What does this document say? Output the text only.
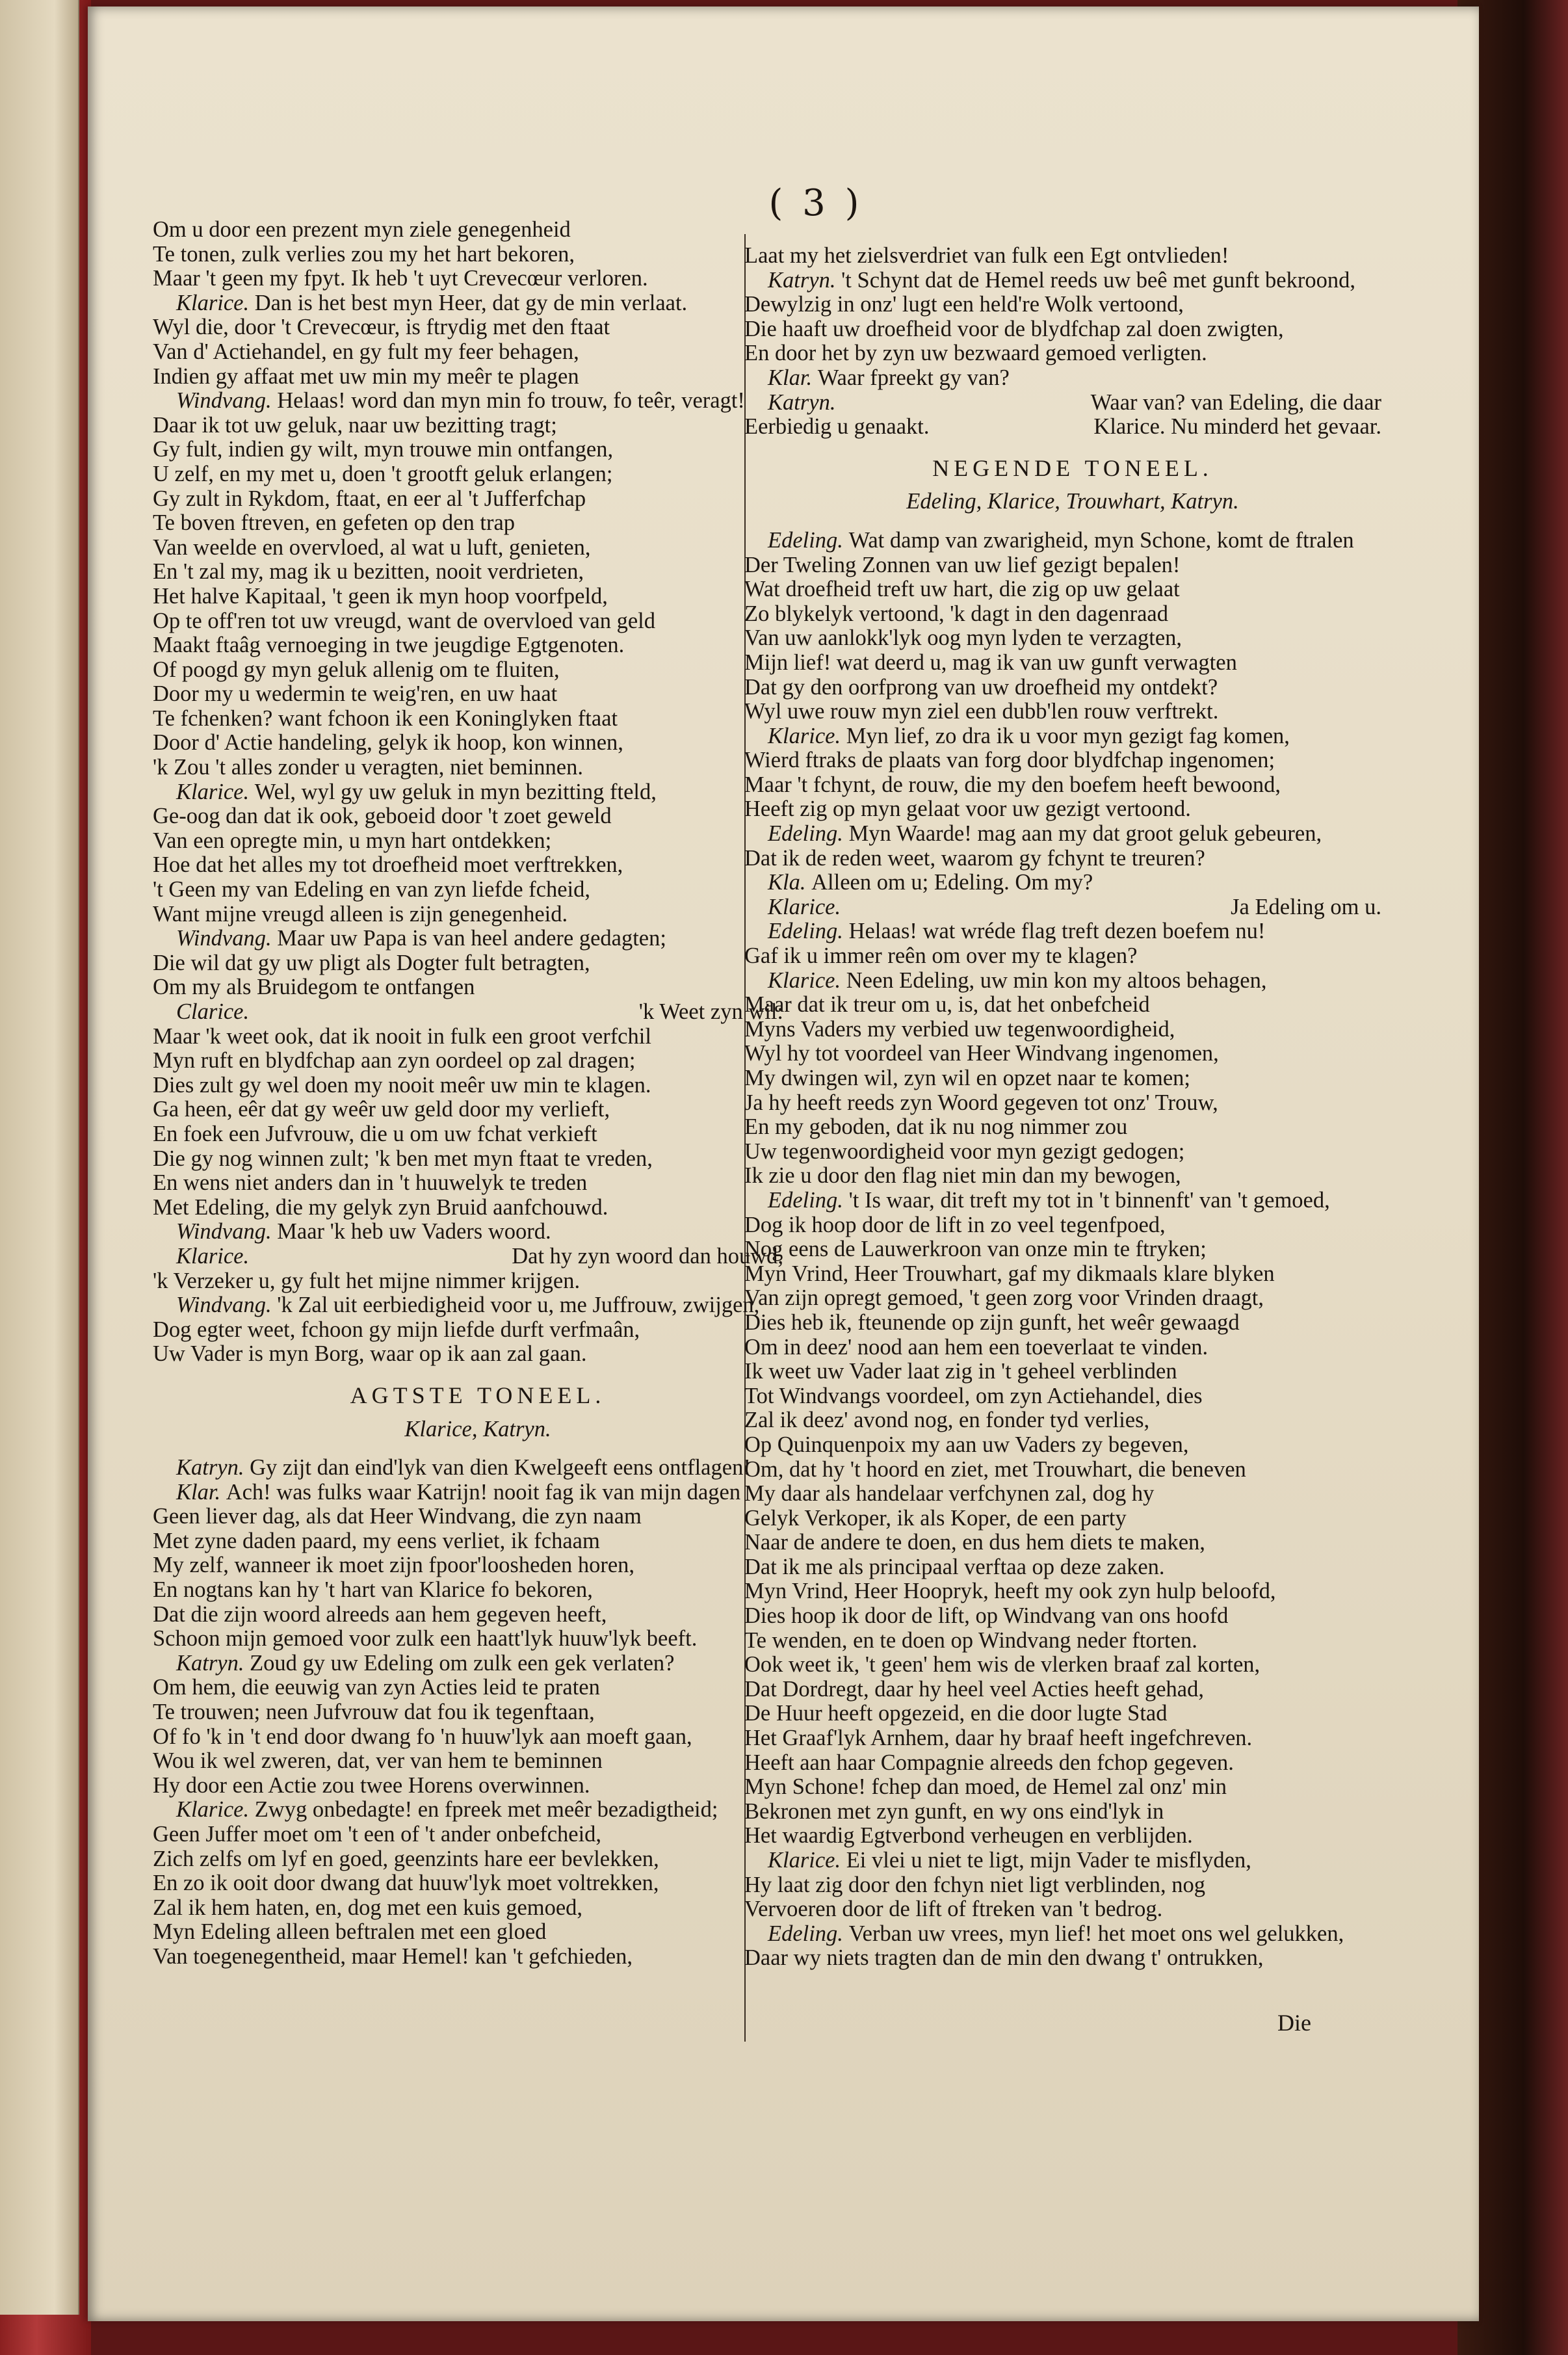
( 3 )
Om u door een prezent myn ziele genegenheid
Te tonen, zulk verlies zou my het hart bekoren,
Maar 't geen my fpyt. Ik heb 't uyt Crevecœur verloren.
Klarice. Dan is het best myn Heer, dat gy de min verlaat.
Wyl die, door 't Crevecœur, is ftrydig met den ftaat
Van d' Actiehandel, en gy fult my feer behagen,
Indien gy affaat met uw min my meêr te plagen
Windvang. Helaas! word dan myn min fo trouw, fo teêr, veragt!
Daar ik tot uw geluk, naar uw bezitting tragt;
Gy fult, indien gy wilt, myn trouwe min ontfangen,
U zelf, en my met u, doen 't grootft geluk erlangen;
Gy zult in Rykdom, ftaat, en eer al 't Jufferfchap
Te boven ftreven, en gefeten op den trap
Van weelde en overvloed, al wat u luft, genieten,
En 't zal my, mag ik u bezitten, nooit verdrieten,
Het halve Kapitaal, 't geen ik myn hoop voorfpeld,
Op te off'ren tot uw vreugd, want de overvloed van geld
Maakt ftaâg vernoeging in twe jeugdige Egtgenoten.
Of poogd gy myn geluk allenig om te fluiten,
Door my u wedermin te weig'ren, en uw haat
Te fchenken? want fchoon ik een Koninglyken ftaat
Door d' Actie handeling, gelyk ik hoop, kon winnen,
'k Zou 't alles zonder u veragten, niet beminnen.
Klarice. Wel, wyl gy uw geluk in myn bezitting fteld,
Ge-oog dan dat ik ook, geboeid door 't zoet geweld
Van een opregte min, u myn hart ontdekken;
Hoe dat het alles my tot droefheid moet verftrekken,
't Geen my van Edeling en van zyn liefde fcheid,
Want mijne vreugd alleen is zijn genegenheid.
Windvang. Maar uw Papa is van heel andere gedagten;
Die wil dat gy uw pligt als Dogter fult betragten,
Om my als Bruidegom te ontfangen
Clarice.	'k Weet zyn wil:
Maar 'k weet ook, dat ik nooit in fulk een groot verfchil
Myn ruft en blydfchap aan zyn oordeel op zal dragen;
Dies zult gy wel doen my nooit meêr uw min te klagen.
Ga heen, eêr dat gy weêr uw geld door my verlieft,
En foek een Jufvrouw, die u om uw fchat verkieft
Die gy nog winnen zult; 'k ben met myn ftaat te vreden,
En wens niet anders dan in 't huuwelyk te treden
Met Edeling, die my gelyk zyn Bruid aanfchouwd.
Windvang. Maar 'k heb uw Vaders woord.
Klarice.	Dat hy zyn woord dan houwd,
'k Verzeker u, gy fult het mijne nimmer krijgen.
Windvang. 'k Zal uit eerbiedigheid voor u, me Juffrouw, zwijgen,
Dog egter weet, fchoon gy mijn liefde durft verfmaân,
Uw Vader is myn Borg, waar op ik aan zal gaan.
AGTSTE TONEEL.
Klarice, Katryn.
Katryn. Gy zijt dan eind'lyk van dien Kwelgeeft eens ontflagen!
Klar. Ach! was fulks waar Katrijn! nooit fag ik van mijn dagen
Geen liever dag, als dat Heer Windvang, die zyn naam
Met zyne daden paard, my eens verliet, ik fchaam
My zelf, wanneer ik moet zijn fpoor'loosheden horen,
En nogtans kan hy 't hart van Klarice fo bekoren,
Dat die zijn woord alreeds aan hem gegeven heeft,
Schoon mijn gemoed voor zulk een haatt'lyk huuw'lyk beeft.
Katryn. Zoud gy uw Edeling om zulk een gek verlaten?
Om hem, die eeuwig van zyn Acties leid te praten
Te trouwen; neen Jufvrouw dat fou ik tegenftaan,
Of fo 'k in 't end door dwang fo 'n huuw'lyk aan moeft gaan,
Wou ik wel zweren, dat, ver van hem te beminnen
Hy door een Actie zou twee Horens overwinnen.
Klarice. Zwyg onbedagte! en fpreek met meêr bezadigtheid;
Geen Juffer moet om 't een of 't ander onbefcheid,
Zich zelfs om lyf en goed, geenzints hare eer bevlekken,
En zo ik ooit door dwang dat huuw'lyk moet voltrekken,
Zal ik hem haten, en, dog met een kuis gemoed,
Myn Edeling alleen beftralen met een gloed
Van toegenegentheid, maar Hemel! kan 't gefchieden,
Laat my het zielsverdriet van fulk een Egt ontvlieden!
Katryn. 't Schynt dat de Hemel reeds uw beê met gunft bekroond,
Dewylzig in onz' lugt een held're Wolk vertoond,
Die haaft uw droefheid voor de blydfchap zal doen zwigten,
En door het by zyn uw bezwaard gemoed verligten.
Klar. Waar fpreekt gy van?
Katryn.	Waar van? van Edeling, die daar
Eerbiedig u genaakt.	Klarice. Nu minderd het gevaar.
NEGENDE TONEEL.
Edeling, Klarice, Trouwhart, Katryn.
Edeling. Wat damp van zwarigheid, myn Schone, komt de ftralen
Der Tweling Zonnen van uw lief gezigt bepalen!
Wat droefheid treft uw hart, die zig op uw gelaat
Zo blykelyk vertoond, 'k dagt in den dagenraad
Van uw aanlokk'lyk oog myn lyden te verzagten,
Mijn lief! wat deerd u, mag ik van uw gunft verwagten
Dat gy den oorfprong van uw droefheid my ontdekt?
Wyl uwe rouw myn ziel een dubb'len rouw verftrekt.
Klarice. Myn lief, zo dra ik u voor myn gezigt fag komen,
Wierd ftraks de plaats van forg door blydfchap ingenomen;
Maar 't fchynt, de rouw, die my den boefem heeft bewoond,
Heeft zig op myn gelaat voor uw gezigt vertoond.
Edeling. Myn Waarde! mag aan my dat groot geluk gebeuren,
Dat ik de reden weet, waarom gy fchynt te treuren?
Kla. Alleen om u; Edeling. Om my?
Klarice.	Ja Edeling om u.
Edeling. Helaas! wat wréde flag treft dezen boefem nu!
Gaf ik u immer reên om over my te klagen?
Klarice. Neen Edeling, uw min kon my altoos behagen,
Maar dat ik treur om u, is, dat het onbefcheid
Myns Vaders my verbied uw tegenwoordigheid,
Wyl hy tot voordeel van Heer Windvang ingenomen,
My dwingen wil, zyn wil en opzet naar te komen;
Ja hy heeft reeds zyn Woord gegeven tot onz' Trouw,
En my geboden, dat ik nu nog nimmer zou
Uw tegenwoordigheid voor myn gezigt gedogen;
Ik zie u door den flag niet min dan my bewogen,
Edeling. 't Is waar, dit treft my tot in 't binnenft' van 't gemoed,
Dog ik hoop door de lift in zo veel tegenfpoed,
Nog eens de Lauwerkroon van onze min te ftryken;
Myn Vrind, Heer Trouwhart, gaf my dikmaals klare blyken
Van zijn opregt gemoed, 't geen zorg voor Vrinden draagt,
Dies heb ik, fteunende op zijn gunft, het weêr gewaagd
Om in deez' nood aan hem een toeverlaat te vinden.
Ik weet uw Vader laat zig in 't geheel verblinden
Tot Windvangs voordeel, om zyn Actiehandel, dies
Zal ik deez' avond nog, en fonder tyd verlies,
Op Quinquenpoix my aan uw Vaders zy begeven,
Om, dat hy 't hoord en ziet, met Trouwhart, die beneven
My daar als handelaar verfchynen zal, dog hy
Gelyk Verkoper, ik als Koper, de een party
Naar de andere te doen, en dus hem diets te maken,
Dat ik me als principaal verftaa op deze zaken.
Myn Vrind, Heer Hoopryk, heeft my ook zyn hulp beloofd,
Dies hoop ik door de lift, op Windvang van ons hoofd
Te wenden, en te doen op Windvang neder ftorten.
Ook weet ik, 't geen' hem wis de vlerken braaf zal korten,
Dat Dordregt, daar hy heel veel Acties heeft gehad,
De Huur heeft opgezeid, en die door lugte Stad
Het Graaf'lyk Arnhem, daar hy braaf heeft ingefchreven.
Heeft aan haar Compagnie alreeds den fchop gegeven.
Myn Schone! fchep dan moed, de Hemel zal onz' min
Bekronen met zyn gunft, en wy ons eind'lyk in
Het waardig Egtverbond verheugen en verblijden.
Klarice. Ei vlei u niet te ligt, mijn Vader te misflyden,
Hy laat zig door den fchyn niet ligt verblinden, nog
Vervoeren door de lift of ftreken van 't bedrog.
Edeling. Verban uw vrees, myn lief! het moet ons wel gelukken,
Daar wy niets tragten dan de min den dwang t' ontrukken,
Die
